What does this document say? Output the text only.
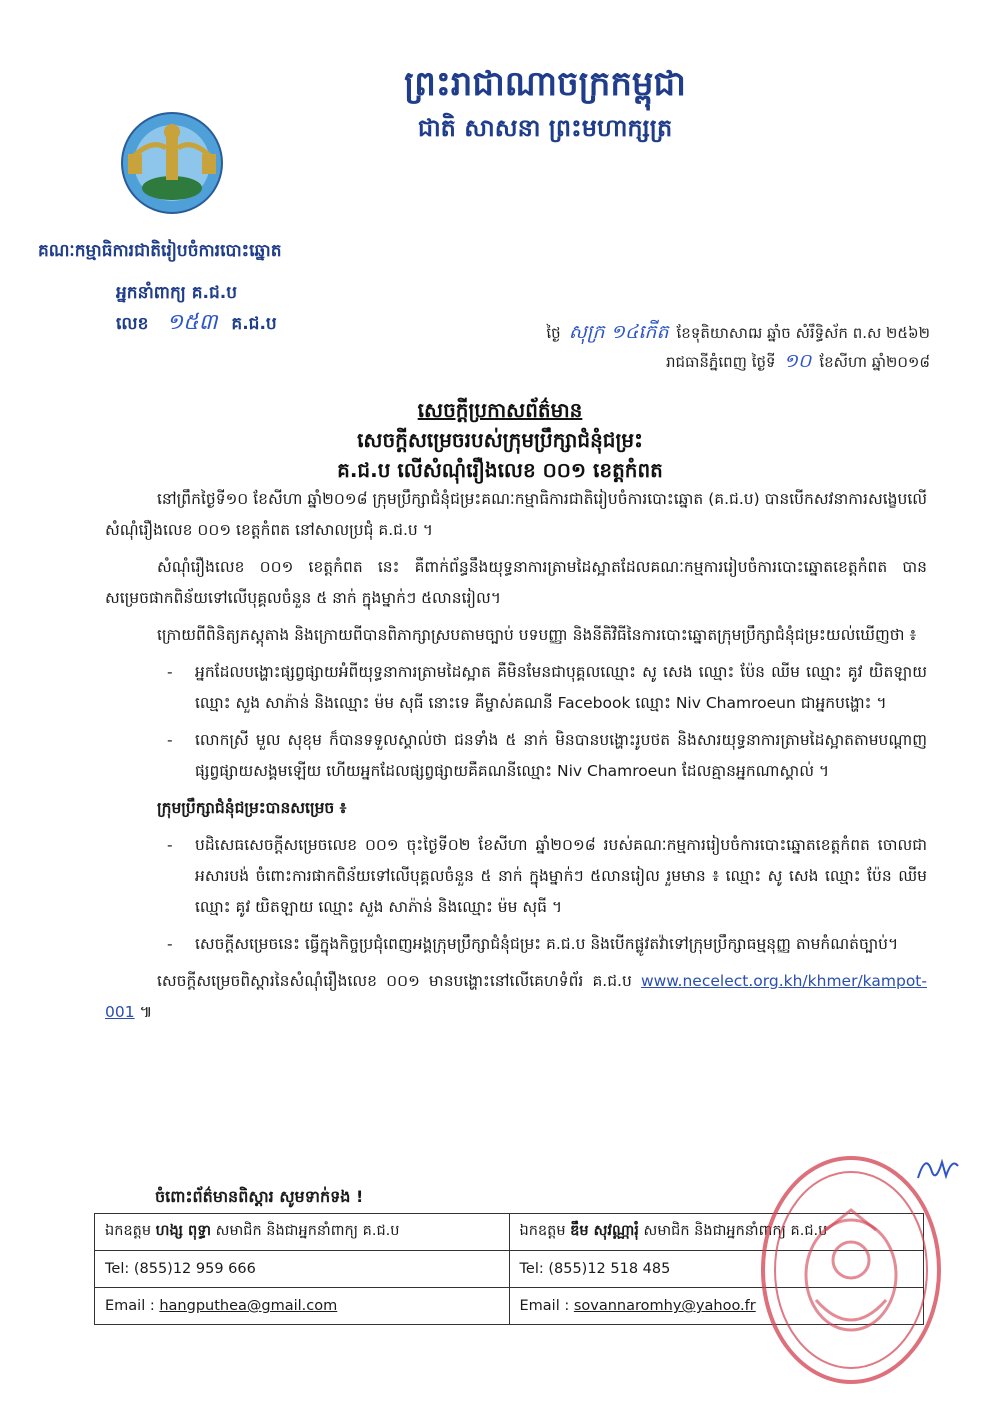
ព្រះរាជាណាចក្រកម្ពុជា
ជាតិ សាសនា ព្រះមហាក្សត្រ
គណៈកម្មាធិការជាតិរៀបចំការបោះឆ្នោត
អ្នកនាំពាក្យ គ.ជ.ប
លេខ ១៥៣ គ.ជ.ប	ថ្ងៃ សុក្រ ១៤កើត ខែទុតិយាសាឍ ឆ្នាំច សំរឹទ្ធិស័ក ព.ស ២៥៦២
រាជធានីភ្នំពេញ ថ្ងៃទី ១០ ខែសីហា ឆ្នាំ២០១៨
សេចក្តីប្រកាសព័ត៌មាន
សេចក្តីសម្រេចរបស់ក្រុមប្រឹក្សាជំនុំជម្រះ
គ.ជ.ប លើសំណុំរឿងលេខ ០០១ ខេត្តកំពត

នៅព្រឹកថ្ងៃទី១០ ខែសីហា ឆ្នាំ២០១៨ ក្រុមប្រឹក្សាជំនុំជម្រះគណៈកម្មាធិការជាតិរៀបចំការបោះឆ្នោត (គ.ជ.ប) បានបើកសវនាការសង្ខេបលើសំណុំរឿងលេខ ០០១ ខេត្តកំពត នៅសាលប្រជុំ គ.ជ.ប ។

សំណុំរឿងលេខ ០០១ ខេត្តកំពត នេះ គឺពាក់ព័ន្ធនឹងយុទ្ធនាការត្រាមដៃស្អាតដែលគណៈកម្មការរៀបចំការបោះឆ្នោតខេត្តកំពត បានសម្រេចផាកពិន័យទៅលើបុគ្គលចំនួន ៥ នាក់ ក្នុងម្នាក់ៗ ៥លានរៀល។

ក្រោយពីពិនិត្យភស្តុតាង និងក្រោយពីបានពិភាក្សាស្របតាមច្បាប់ បទបញ្ញា និងនីតិវិធីនៃការបោះឆ្នោតក្រុមប្រឹក្សាជំនុំជម្រះយល់ឃើញថា ៖

- អ្នកដែលបង្ហោះផ្សព្វផ្សាយអំពីយុទ្ធនាការត្រាមដៃស្អាត គឺមិនមែនជាបុគ្គលឈ្មោះ សូ សេង ឈ្មោះ ប៉ែន ឈីម ឈ្មោះ គូវ យិតឡាយ ឈ្មោះ សួង សាភ៉ាន់ និងឈ្មោះ ម៉ម សុធី នោះទេ គឺម្ចាស់គណនី Facebook ឈ្មោះ Niv Chamroeun ជាអ្នកបង្ហោះ ។
- លោកស្រី មួល សុខុម ក៏បានទទួលស្គាល់ថា ជនទាំង ៥ នាក់ មិនបានបង្ហោះរូបថត និងសារយុទ្ធនាការត្រាមដៃស្អាតតាមបណ្តាញផ្សព្វផ្សាយសង្គមឡើយ ហើយអ្នកដែលផ្សព្វផ្សាយគឺគណនីឈ្មោះ Niv Chamroeun ដែលគ្មានអ្នកណាស្គាល់ ។
ក្រុមប្រឹក្សាជំនុំជម្រះបានសម្រេច ៖
- បដិសេធសេចក្តីសម្រេចលេខ ០០១ ចុះថ្ងៃទី០២ ខែសីហា ឆ្នាំ២០១៨ របស់គណៈកម្មការរៀបចំការបោះឆ្នោតខេត្តកំពត ចោលជាអសារបង់ ចំពោះការផាកពិន័យទៅលើបុគ្គលចំនួន ៥ នាក់ ក្នុងម្នាក់ៗ ៥លានរៀល រួមមាន ៖ ឈ្មោះ សូ សេង ឈ្មោះ ប៉ែន ឈីម ឈ្មោះ គូវ យិតឡាយ ឈ្មោះ សួង សាភ៉ាន់ និងឈ្មោះ ម៉ម សុធី ។
- សេចក្តីសម្រេចនេះ ធ្វើក្នុងកិច្ចប្រជុំពេញអង្គក្រុមប្រឹក្សាជំនុំជម្រះ គ.ជ.ប និងបើកផ្លូវតវ៉ាទៅក្រុមប្រឹក្សាធម្មនុញ្ញ តាមកំណត់ច្បាប់។

សេចក្តីសម្រេចពិស្តារនៃសំណុំរឿងលេខ ០០១ មានបង្ហោះនៅលើគេហទំព័រ គ.ជ.ប www.necelect.org.kh/khmer/kampot-001 ៕

ចំពោះព័ត៌មានពិស្តារ សូមទាក់ទង !
ឯកឧត្តម ហង្ស ពុទ្ធា សមាជិក និងជាអ្នកនាំពាក្យ គ.ជ.ប	ឯកឧត្តម ឌឹម សុវណ្ណារុំ សមាជិក និងជាអ្នកនាំពាក្យ គ.ជ.ប
Tel: (855)12 959 666	Tel: (855)12 518 485
Email : hangputhea@gmail.com	Email : sovannaromhy@yahoo.fr
